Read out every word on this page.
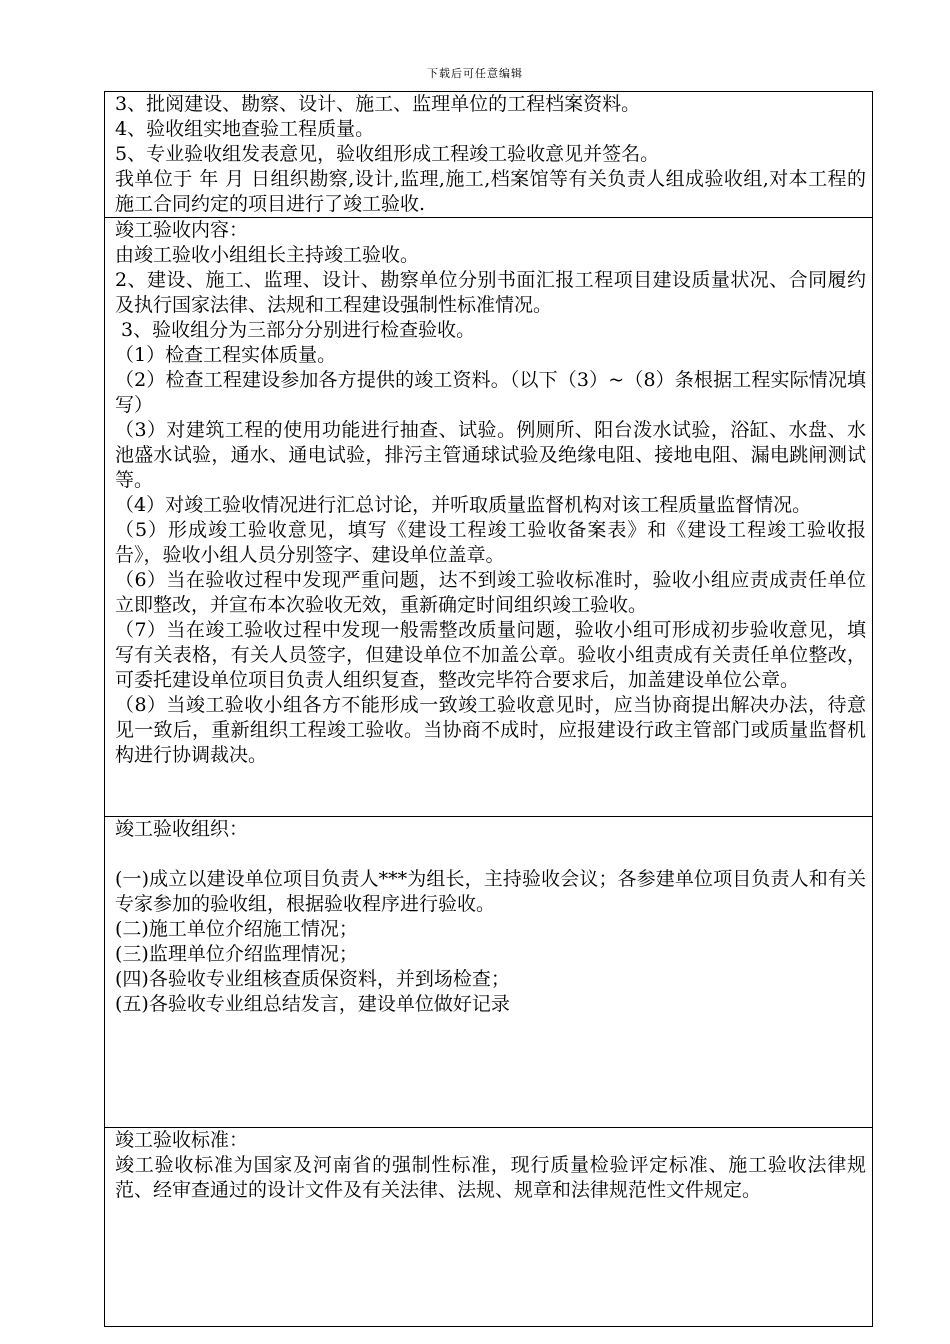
下载后可任意编辑

3、批阅建设、勘察、设计、施工、监理单位的工程档案资料。

4、验收组实地查验工程质量。

5、专业验收组发表意见，验收组形成工程竣工验收意见并签名。

我单位于 年 月 日组织勘察,设计,监理,施工,档案馆等有关负责人组成验收组,对本工程的施工合同约定的项目进行了竣工验收.

竣工验收内容：

由竣工验收小组组长主持竣工验收。

2、建设、施工、监理、设计、勘察单位分别书面汇报工程项目建设质量状况、合同履约及执行国家法律、法规和工程建设强制性标准情况。

3、验收组分为三部分分别进行检查验收。

（1）检查工程实体质量。

（2）检查工程建设参加各方提供的竣工资料。（以下（3）~（8）条根据工程实际情况填写）

（3）对建筑工程的使用功能进行抽查、试验。例厕所、阳台泼水试验，浴缸、水盘、水池盛水试验，通水、通电试验，排污主管通球试验及绝缘电阻、接地电阻、漏电跳闸测试等。

（4）对竣工验收情况进行汇总讨论，并听取质量监督机构对该工程质量监督情况。

（5）形成竣工验收意见，填写《建设工程竣工验收备案表》和《建设工程竣工验收报告》，验收小组人员分别签字、建设单位盖章。

（6）当在验收过程中发现严重问题，达不到竣工验收标准时，验收小组应责成责任单位立即整改，并宣布本次验收无效，重新确定时间组织竣工验收。

（7）当在竣工验收过程中发现一般需整改质量问题，验收小组可形成初步验收意见，填写有关表格，有关人员签字，但建设单位不加盖公章。验收小组责成有关责任单位整改，可委托建设单位项目负责人组织复查，整改完毕符合要求后，加盖建设单位公章。

（8）当竣工验收小组各方不能形成一致竣工验收意见时，应当协商提出解决办法，待意见一致后，重新组织工程竣工验收。当协商不成时，应报建设行政主管部门或质量监督机构进行协调裁决。

竣工验收组织：

(一)成立以建设单位项目负责人***为组长，主持验收会议；各参建单位项目负责人和有关专家参加的验收组，根据验收程序进行验收。

(二)施工单位介绍施工情况；

(三)监理单位介绍监理情况；

(四)各验收专业组核查质保资料，并到场检查；

(五)各验收专业组总结发言，建设单位做好记录

竣工验收标准：

竣工验收标准为国家及河南省的强制性标准，现行质量检验评定标准、施工验收法律规范、经审查通过的设计文件及有关法律、法规、规章和法律规范性文件规定。
